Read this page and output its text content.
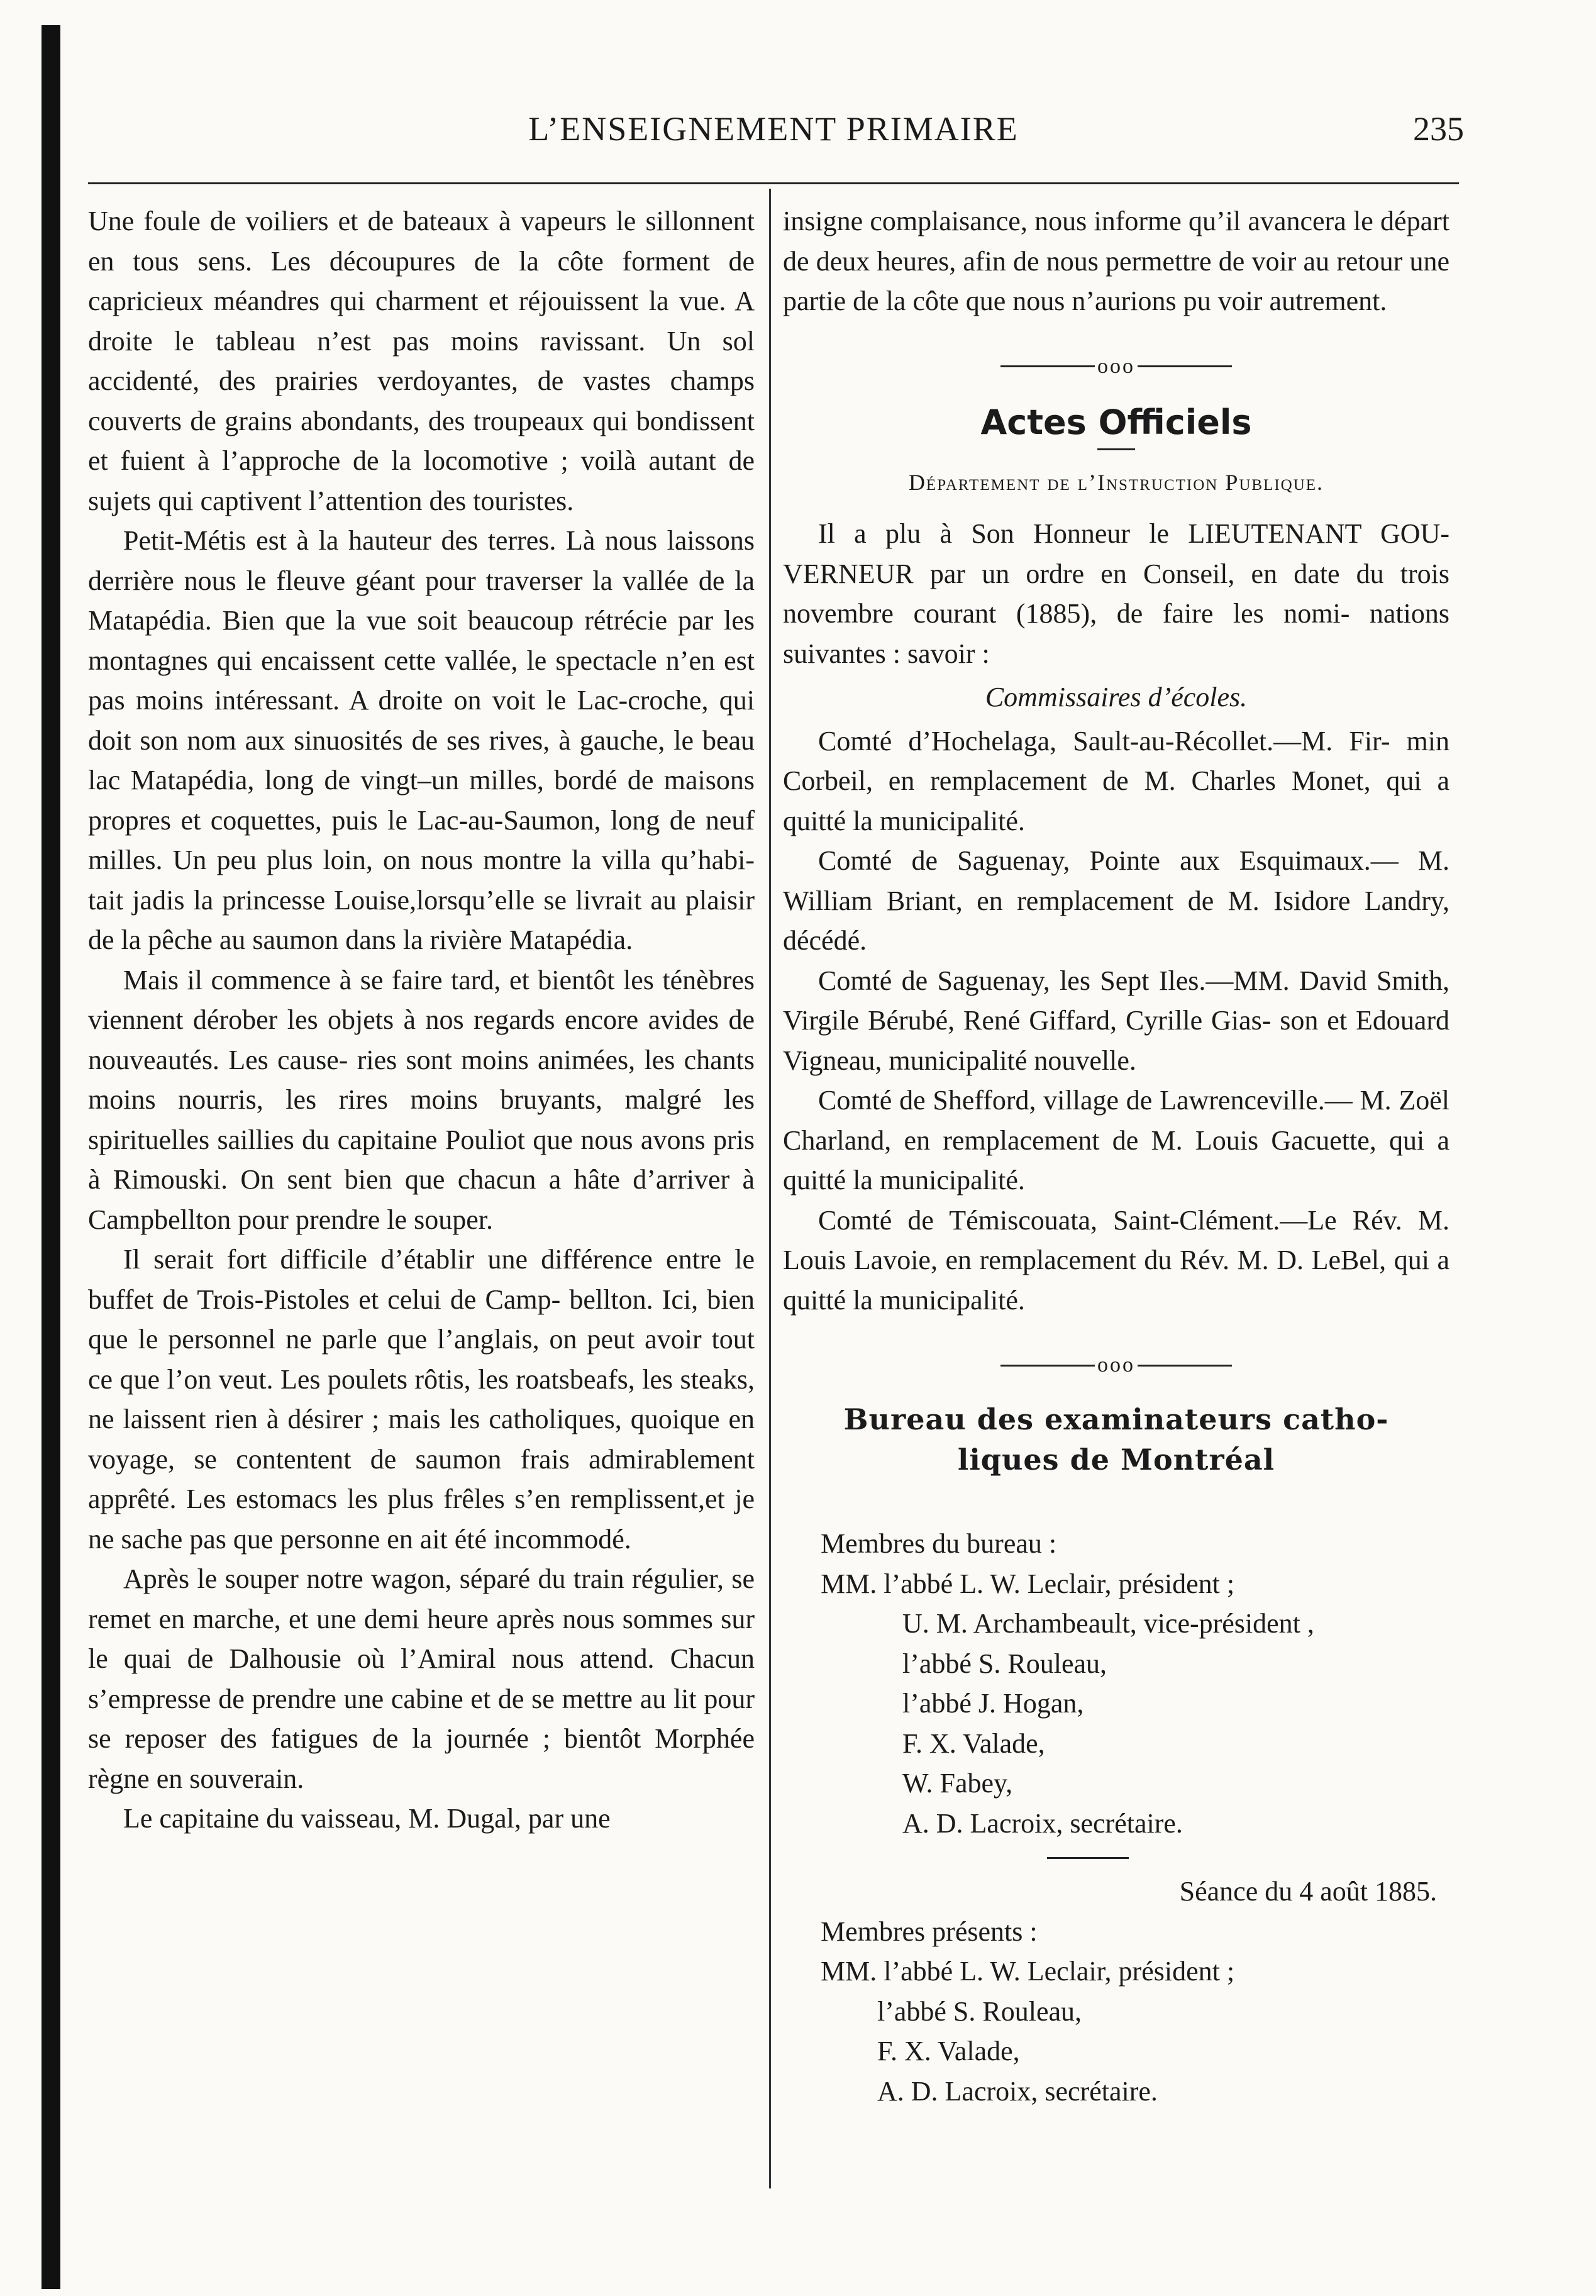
L’ENSEIGNEMENT PRIMAIRE	235

Une foule de voiliers et de bateaux à vapeurs le sillonnent en tous sens. Les découpures de la côte forment de capricieux méandres qui charment et réjouissent la vue. A droite le tableau n’est pas moins ravissant. Un sol accidenté, des prairies verdoyantes, de vastes champs couverts de grains abondants, des troupeaux qui bondissent et fuient à l’approche de la locomotive ; voilà autant de sujets qui captivent l’attention des touristes.

Petit-Métis est à la hauteur des terres. Là nous laissons derrière nous le fleuve géant pour traverser la vallée de la Matapédia. Bien que la vue soit beaucoup rétrécie par les montagnes qui encaissent cette vallée, le spectacle n’en est pas moins intéressant. A droite on voit le Lac-croche, qui doit son nom aux sinuosités de ses rives, à gauche, le beau lac Matapédia, long de vingt–un milles, bordé de maisons propres et coquettes, puis le Lac-au-Saumon, long de neuf milles. Un peu plus loin, on nous montre la villa qu’habi- tait jadis la princesse Louise,lorsqu’elle se livrait au plaisir de la pêche au saumon dans la rivière Matapédia.

Mais il commence à se faire tard, et bientôt les ténèbres viennent dérober les objets à nos regards encore avides de nouveautés. Les cause- ries sont moins animées, les chants moins nourris, les rires moins bruyants, malgré les spirituelles saillies du capitaine Pouliot que nous avons pris à Rimouski. On sent bien que chacun a hâte d’arriver à Campbellton pour prendre le souper.

Il serait fort difficile d’établir une différence entre le buffet de Trois-Pistoles et celui de Camp- bellton. Ici, bien que le personnel ne parle que l’anglais, on peut avoir tout ce que l’on veut. Les poulets rôtis, les roatsbeafs, les steaks, ne laissent rien à désirer ; mais les catholiques, quoique en voyage, se contentent de saumon frais admirablement apprêté. Les estomacs les plus frêles s’en remplissent,et je ne sache pas que personne en ait été incommodé.

Après le souper notre wagon, séparé du train régulier, se remet en marche, et une demi heure après nous sommes sur le quai de Dalhousie où l’Amiral nous attend. Chacun s’empresse de prendre une cabine et de se mettre au lit pour se reposer des fatigues de la journée ; bientôt Morphée règne en souverain.

Le capitaine du vaisseau, M. Dugal, par une

insigne complaisance, nous informe qu’il avancera le départ de deux heures, afin de nous permettre de voir au retour une partie de la côte que nous n’aurions pu voir autrement.

ooo
Actes Officiels
Département de l’Instruction Publique.

Il a plu à Son Honneur le LIEUTENANT GOU- VERNEUR par un ordre en Conseil, en date du trois novembre courant (1885), de faire les nomi- nations suivantes : savoir :

Commissaires d’écoles.

Comté d’Hochelaga, Sault-au-Récollet.—M. Fir- min Corbeil, en remplacement de M. Charles Monet, qui a quitté la municipalité.

Comté de Saguenay, Pointe aux Esquimaux.— M. William Briant, en remplacement de M. Isidore Landry, décédé.

Comté de Saguenay, les Sept Iles.—MM. David Smith, Virgile Bérubé, René Giffard, Cyrille Gias- son et Edouard Vigneau, municipalité nouvelle.

Comté de Shefford, village de Lawrenceville.— M. Zoël Charland, en remplacement de M. Louis Gacuette, qui a quitté la municipalité.

Comté de Témiscouata, Saint-Clément.—Le Rév. M. Louis Lavoie, en remplacement du Rév. M. D. LeBel, qui a quitté la municipalité.

ooo
Bureau des examinateurs catho-
liques de Montréal

Membres du bureau :

MM. l’abbé L. W. Leclair, président ;

U. M. Archambeault, vice-président ,

l’abbé S. Rouleau,

l’abbé J. Hogan,

F. X. Valade,

W. Fabey,

A. D. Lacroix, secrétaire.

Séance du 4 août 1885.

Membres présents :

MM. l’abbé L. W. Leclair, président ;

l’abbé S. Rouleau,

F. X. Valade,

A. D. Lacroix, secrétaire.
